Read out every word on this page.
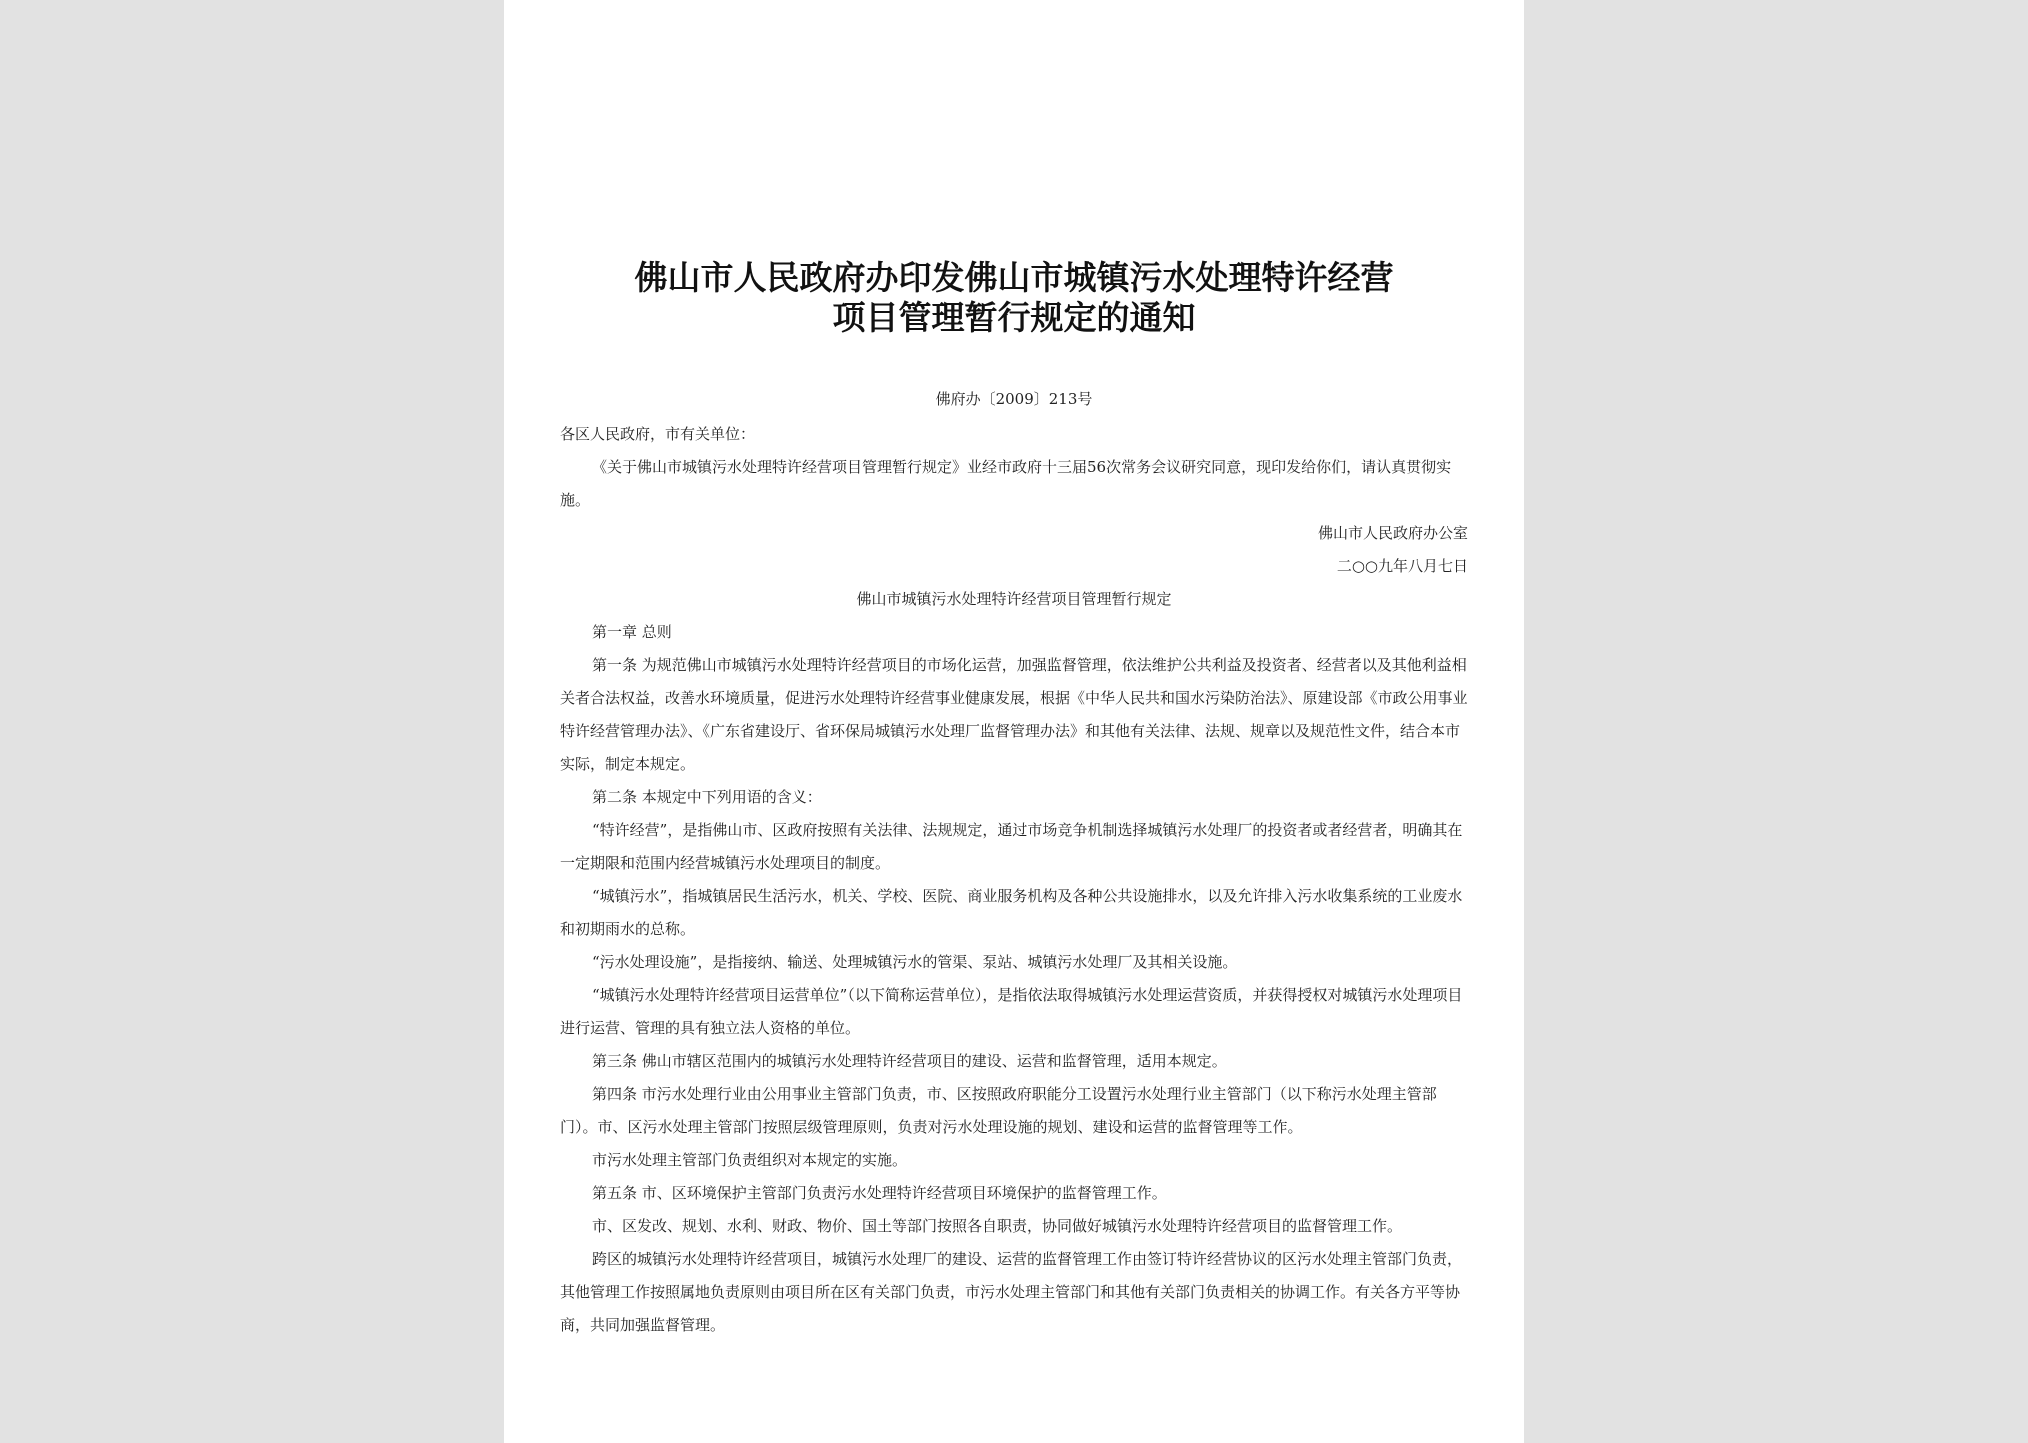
佛山市人民政府办印发佛山市城镇污水处理特许经营
项目管理暂行规定的通知
佛府办〔2009〕213号

各区人民政府，市有关单位：

《关于佛山市城镇污水处理特许经营项目管理暂行规定》业经市政府十三届56次常务会议研究同意，现印发给你们，请认真贯彻实施。

佛山市人民政府办公室

二○○九年八月七日

佛山市城镇污水处理特许经营项目管理暂行规定

第一章 总则

第一条 为规范佛山市城镇污水处理特许经营项目的市场化运营，加强监督管理，依法维护公共利益及投资者、经营者以及其他利益相关者合法权益，改善水环境质量，促进污水处理特许经营事业健康发展，根据《中华人民共和国水污染防治法》、原建设部《市政公用事业特许经营管理办法》、《广东省建设厅、省环保局城镇污水处理厂监督管理办法》和其他有关法律、法规、规章以及规范性文件，结合本市实际，制定本规定。

第二条 本规定中下列用语的含义：

“特许经营”，是指佛山市、区政府按照有关法律、法规规定，通过市场竞争机制选择城镇污水处理厂的投资者或者经营者，明确其在一定期限和范围内经营城镇污水处理项目的制度。

“城镇污水”，指城镇居民生活污水，机关、学校、医院、商业服务机构及各种公共设施排水，以及允许排入污水收集系统的工业废水和初期雨水的总称。

“污水处理设施”，是指接纳、输送、处理城镇污水的管渠、泵站、城镇污水处理厂及其相关设施。

“城镇污水处理特许经营项目运营单位”（以下简称运营单位），是指依法取得城镇污水处理运营资质，并获得授权对城镇污水处理项目进行运营、管理的具有独立法人资格的单位。

第三条 佛山市辖区范围内的城镇污水处理特许经营项目的建设、运营和监督管理，适用本规定。

第四条 市污水处理行业由公用事业主管部门负责，市、区按照政府职能分工设置污水处理行业主管部门（以下称污水处理主管部门）。市、区污水处理主管部门按照层级管理原则，负责对污水处理设施的规划、建设和运营的监督管理等工作。

市污水处理主管部门负责组织对本规定的实施。

第五条 市、区环境保护主管部门负责污水处理特许经营项目环境保护的监督管理工作。

市、区发改、规划、水利、财政、物价、国土等部门按照各自职责，协同做好城镇污水处理特许经营项目的监督管理工作。

跨区的城镇污水处理特许经营项目，城镇污水处理厂的建设、运营的监督管理工作由签订特许经营协议的区污水处理主管部门负责，其他管理工作按照属地负责原则由项目所在区有关部门负责，市污水处理主管部门和其他有关部门负责相关的协调工作。有关各方平等协商，共同加强监督管理。
